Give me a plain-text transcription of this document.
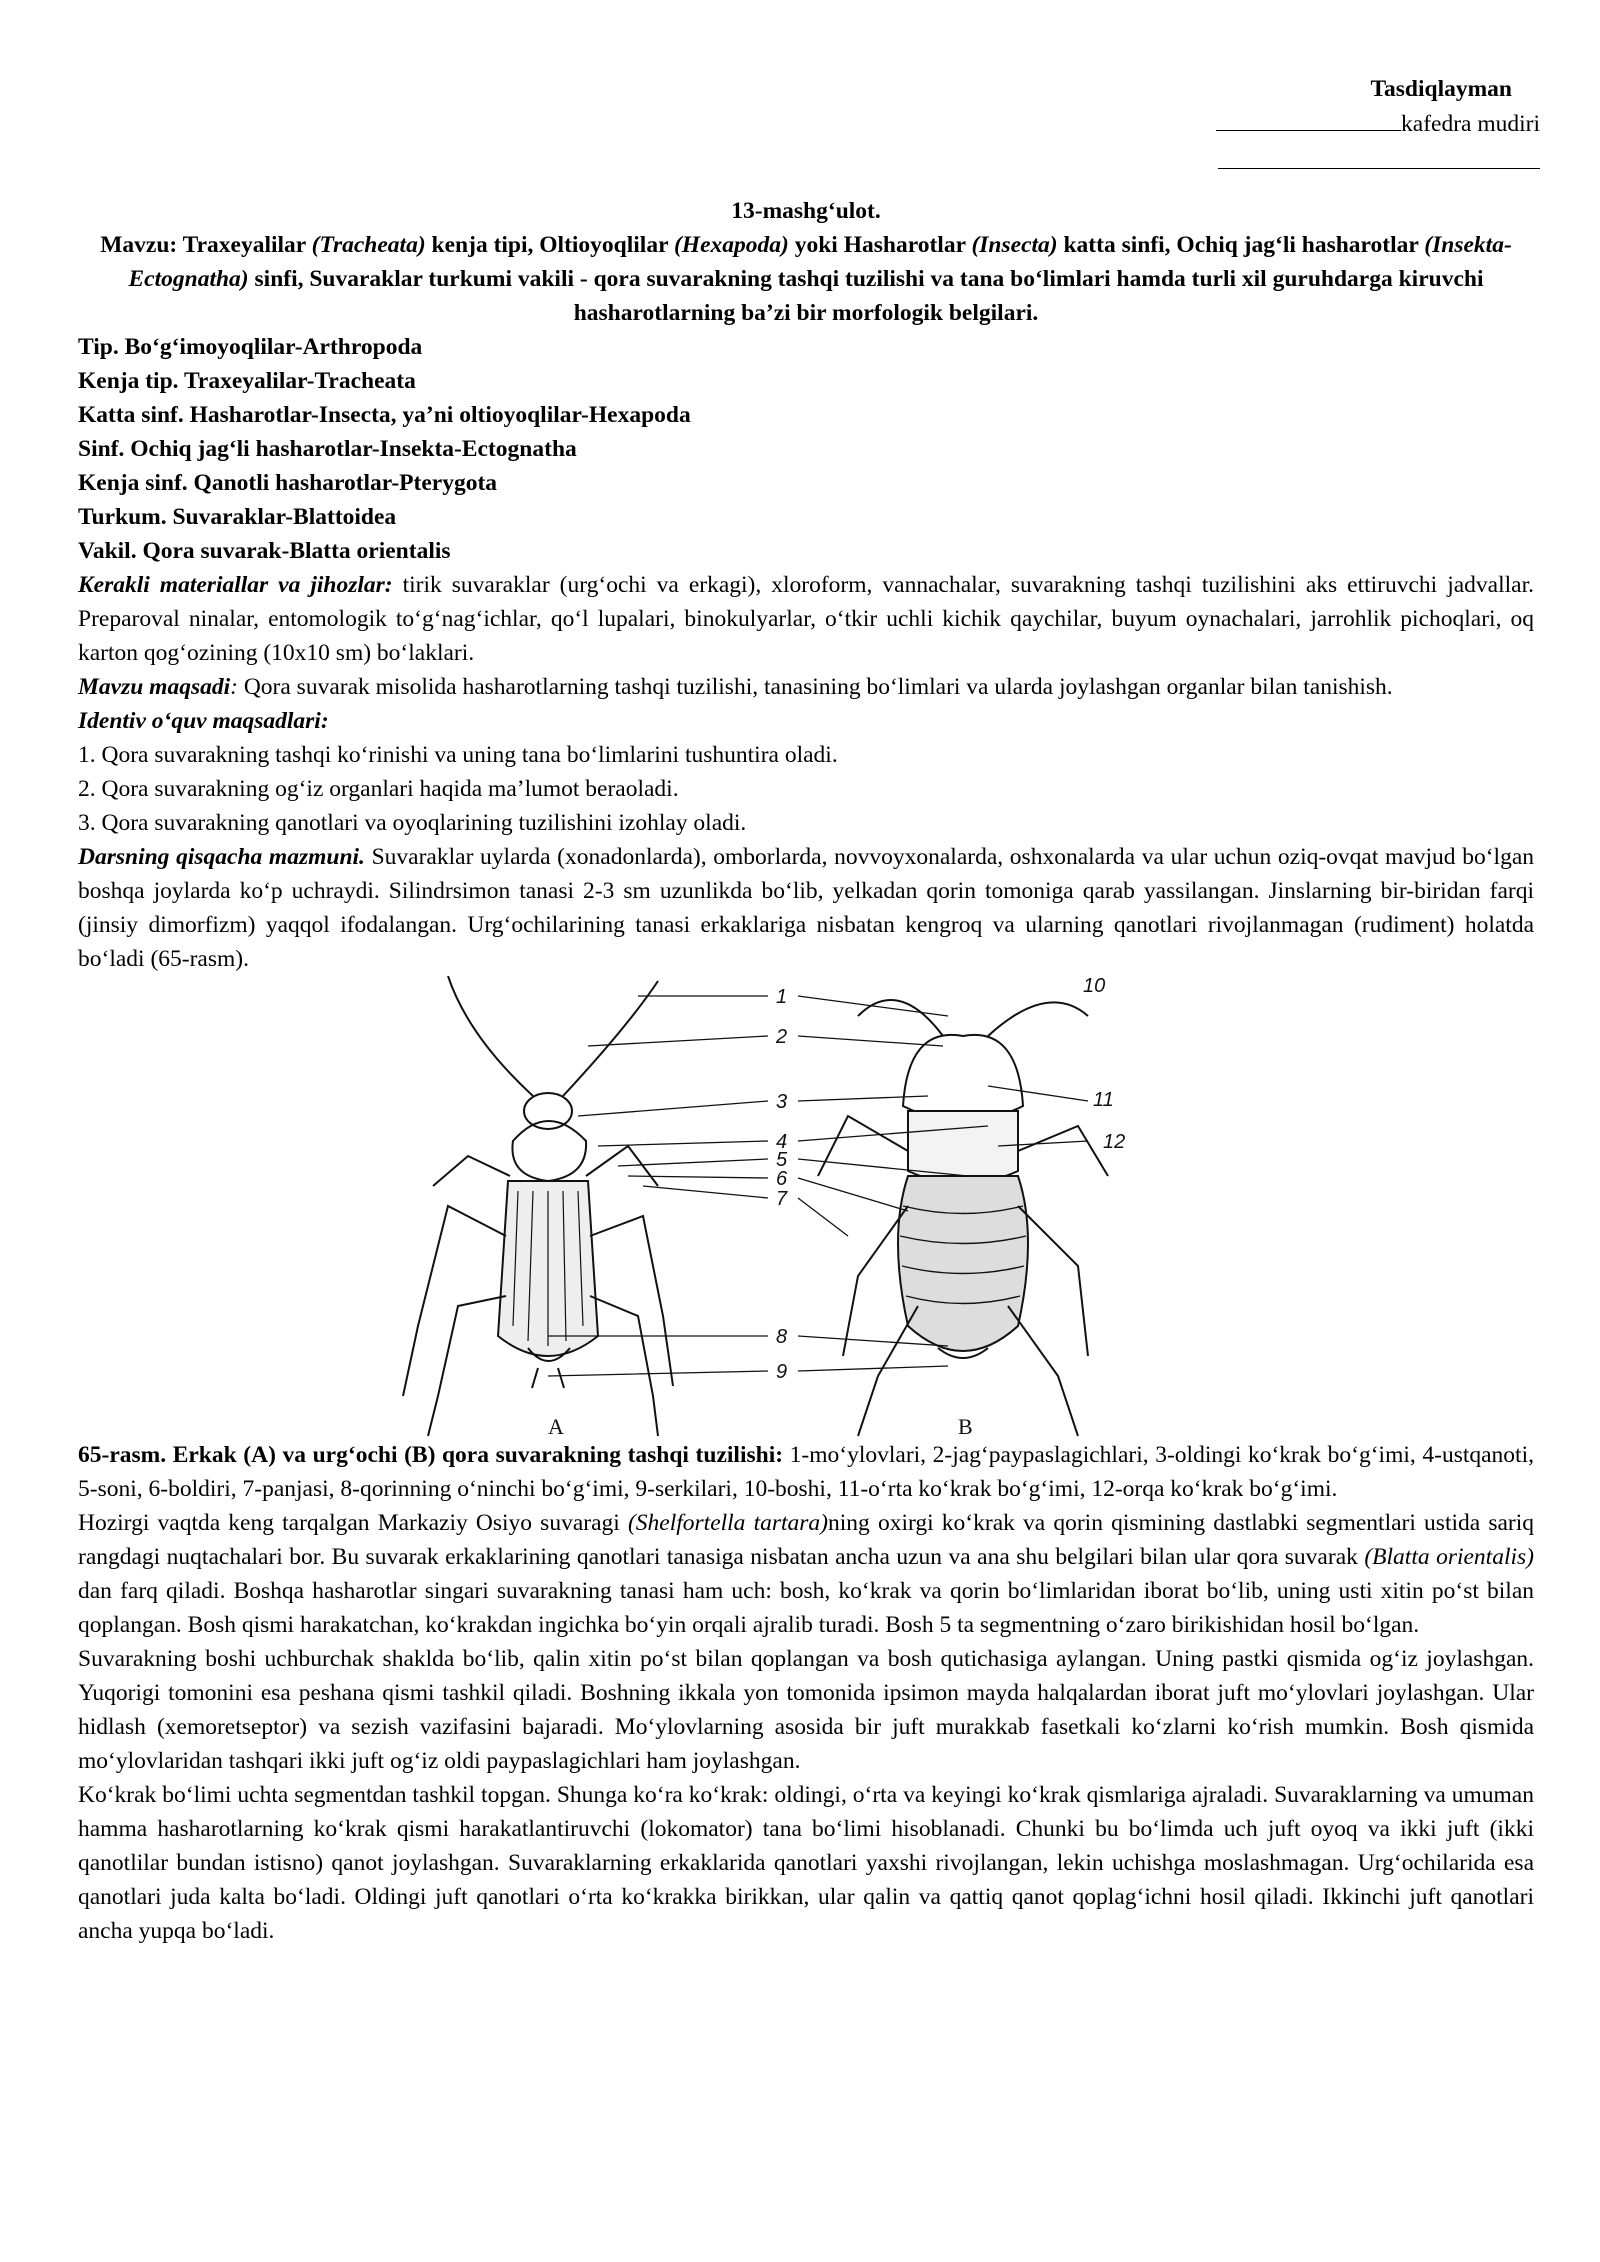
Tasdiqlayman
kafedra mudiri
13-mashg‘ulot.
Mavzu: Traxeyalilar (Tracheata) kenja tipi, Oltioyoqlilar (Hexapoda) yoki Hasharotlar (Insecta) katta sinfi, Ochiq jag‘li hasharotlar (Insekta-Ectognatha) sinfi, Suvaraklar turkumi vakili - qora suvarakning tashqi tuzilishi va tana bo‘limlari hamda turli xil guruhdarga kiruvchi hasharotlarning ba’zi bir morfologik belgilari.
Tip. Bo‘g‘imoyoqlilar-Arthropoda
Kenja tip. Traxeyalilar-Tracheata
Katta sinf. Hasharotlar-Insecta, ya’ni oltioyoqlilar-Hexapoda
Sinf. Ochiq jag‘li hasharotlar-Insekta-Ectognatha
Kenja sinf. Qanotli hasharotlar-Pterygota
Turkum. Suvaraklar-Blattoidea
Vakil. Qora suvarak-Blatta orientalis

Kerakli materiallar va jihozlar: tirik suvaraklar (urg‘ochi va erkagi), xloroform, vannachalar, suvarakning tashqi tuzilishini aks ettiruvchi jadvallar. Preparoval ninalar, entomologik to‘g‘nag‘ichlar, qo‘l lupalari, binokulyarlar, o‘tkir uchli kichik qaychilar, buyum oynachalari, jarrohlik pichoqlari, oq karton qog‘ozining (10x10 sm) bo‘laklari.

Mavzu maqsadi: Qora suvarak misolida hasharotlarning tashqi tuzilishi, tanasining bo‘limlari va ularda joylashgan organlar bilan tanishish.

Identiv o‘quv maqsadlari:
1. Qora suvarakning tashqi ko‘rinishi va uning tana bo‘limlarini tushuntira oladi.
2. Qora suvarakning og‘iz organlari haqida ma’lumot beraoladi.
3. Qora suvarakning qanotlari va oyoqlarining tuzilishini izohlay oladi.

Darsning qisqacha mazmuni. Suvaraklar uylarda (xonadonlarda), omborlarda, novvoyxonalarda, oshxonalarda va ular uchun oziq-ovqat mavjud bo‘lgan boshqa joylarda ko‘p uchraydi. Silindrsimon tanasi 2-3 sm uzunlikda bo‘lib, yelkadan qorin tomoniga qarab yassilangan. Jinslarning bir-biridan farqi (jinsiy dimorfizm) yaqqol ifodalangan. Urg‘ochilarining tanasi erkaklariga nisbatan kengroq va ularning qanotlari rivojlanmagan (rudiment) holatda bo‘ladi (65-rasm).

1
2
3
4
5
6
7
8
9
10
11
12
A	B

65-rasm. Erkak (A) va urg‘ochi (B) qora suvarakning tashqi tuzilishi: 1-mo‘ylovlari, 2-jag‘paypaslagichlari, 3-oldingi ko‘krak bo‘g‘imi, 4-ustqanoti, 5-soni, 6-boldiri, 7-panjasi, 8-qorinning o‘ninchi bo‘g‘imi, 9-serkilari, 10-boshi, 11-o‘rta ko‘krak bo‘g‘imi, 12-orqa ko‘krak bo‘g‘imi.

Hozirgi vaqtda keng tarqalgan Markaziy Osiyo suvaragi (Shelfortella tartara)ning oxirgi ko‘krak va qorin qismining dastlabki segmentlari ustida sariq rangdagi nuqtachalari bor. Bu suvarak erkaklarining qanotlari tanasiga nisbatan ancha uzun va ana shu belgilari bilan ular qora suvarak (Blatta orientalis) dan farq qiladi. Boshqa hasharotlar singari suvarakning tanasi ham uch: bosh, ko‘krak va qorin bo‘limlaridan iborat bo‘lib, uning usti xitin po‘st bilan qoplangan. Bosh qismi harakatchan, ko‘krakdan ingichka bo‘yin orqali ajralib turadi. Bosh 5 ta segmentning o‘zaro birikishidan hosil bo‘lgan.

Suvarakning boshi uchburchak shaklda bo‘lib, qalin xitin po‘st bilan qoplangan va bosh qutichasiga aylangan. Uning pastki qismida og‘iz joylashgan. Yuqorigi tomonini esa peshana qismi tashkil qiladi. Boshning ikkala yon tomonida ipsimon mayda halqalardan iborat juft mo‘ylovlari joylashgan. Ular hidlash (xemoretseptor) va sezish vazifasini bajaradi. Mo‘ylovlarning asosida bir juft murakkab fasetkali ko‘zlarni ko‘rish mumkin. Bosh qismida mo‘ylovlaridan tashqari ikki juft og‘iz oldi paypaslagichlari ham joylashgan.

Ko‘krak bo‘limi uchta segmentdan tashkil topgan. Shunga ko‘ra ko‘krak: oldingi, o‘rta va keyingi ko‘krak qismlariga ajraladi. Suvaraklarning va umuman hamma hasharotlarning ko‘krak qismi harakatlantiruvchi (lokomator) tana bo‘limi hisoblanadi. Chunki bu bo‘limda uch juft oyoq va ikki juft (ikki qanotlilar bundan istisno) qanot joylashgan. Suvaraklarning erkaklarida qanotlari yaxshi rivojlangan, lekin uchishga moslashmagan. Urg‘ochilarida esa qanotlari juda kalta bo‘ladi. Oldingi juft qanotlari o‘rta ko‘krakka birikkan, ular qalin va qattiq qanot qoplag‘ichni hosil qiladi. Ikkinchi juft qanotlari ancha yupqa bo‘ladi.
